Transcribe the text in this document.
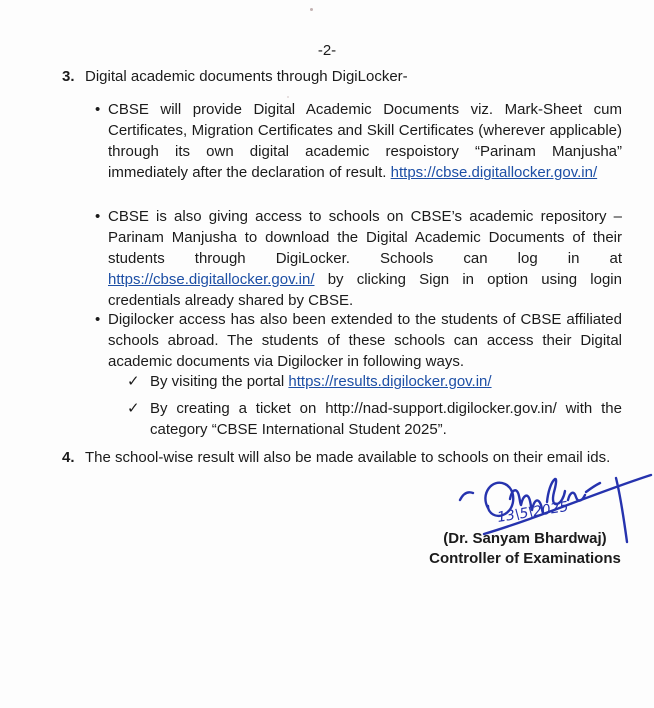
-2-
3. Digital academic documents through DigiLocker-
• CBSE will provide Digital Academic Documents viz. Mark-Sheet cum Certificates, Migration Certificates and Skill Certificates (wherever applicable) through its own digital academic respoistory “Parinam Manjusha” immediately after the declaration of result. https://cbse.digitallocker.gov.in/

• CBSE is also giving access to schools on CBSE’s academic repository – Parinam Manjusha to download the Digital Academic Documents of their students through DigiLocker. Schools can log in at https://cbse.digitallocker.gov.in/ by clicking Sign in option using login credentials already shared by CBSE.

• Digilocker access has also been extended to the students of CBSE affiliated schools abroad. The students of these schools can access their Digital academic documents via Digilocker in following ways.

✓ By visiting the portal https://results.digilocker.gov.in/

✓ By creating a ticket on http://nad-support.digilocker.gov.in/ with the category “CBSE International Student 2025”.

4. The school-wise result will also be made available to schools on their email ids.
13\5\2025
(Dr. Sanyam Bhardwaj)
Controller of Examinations
